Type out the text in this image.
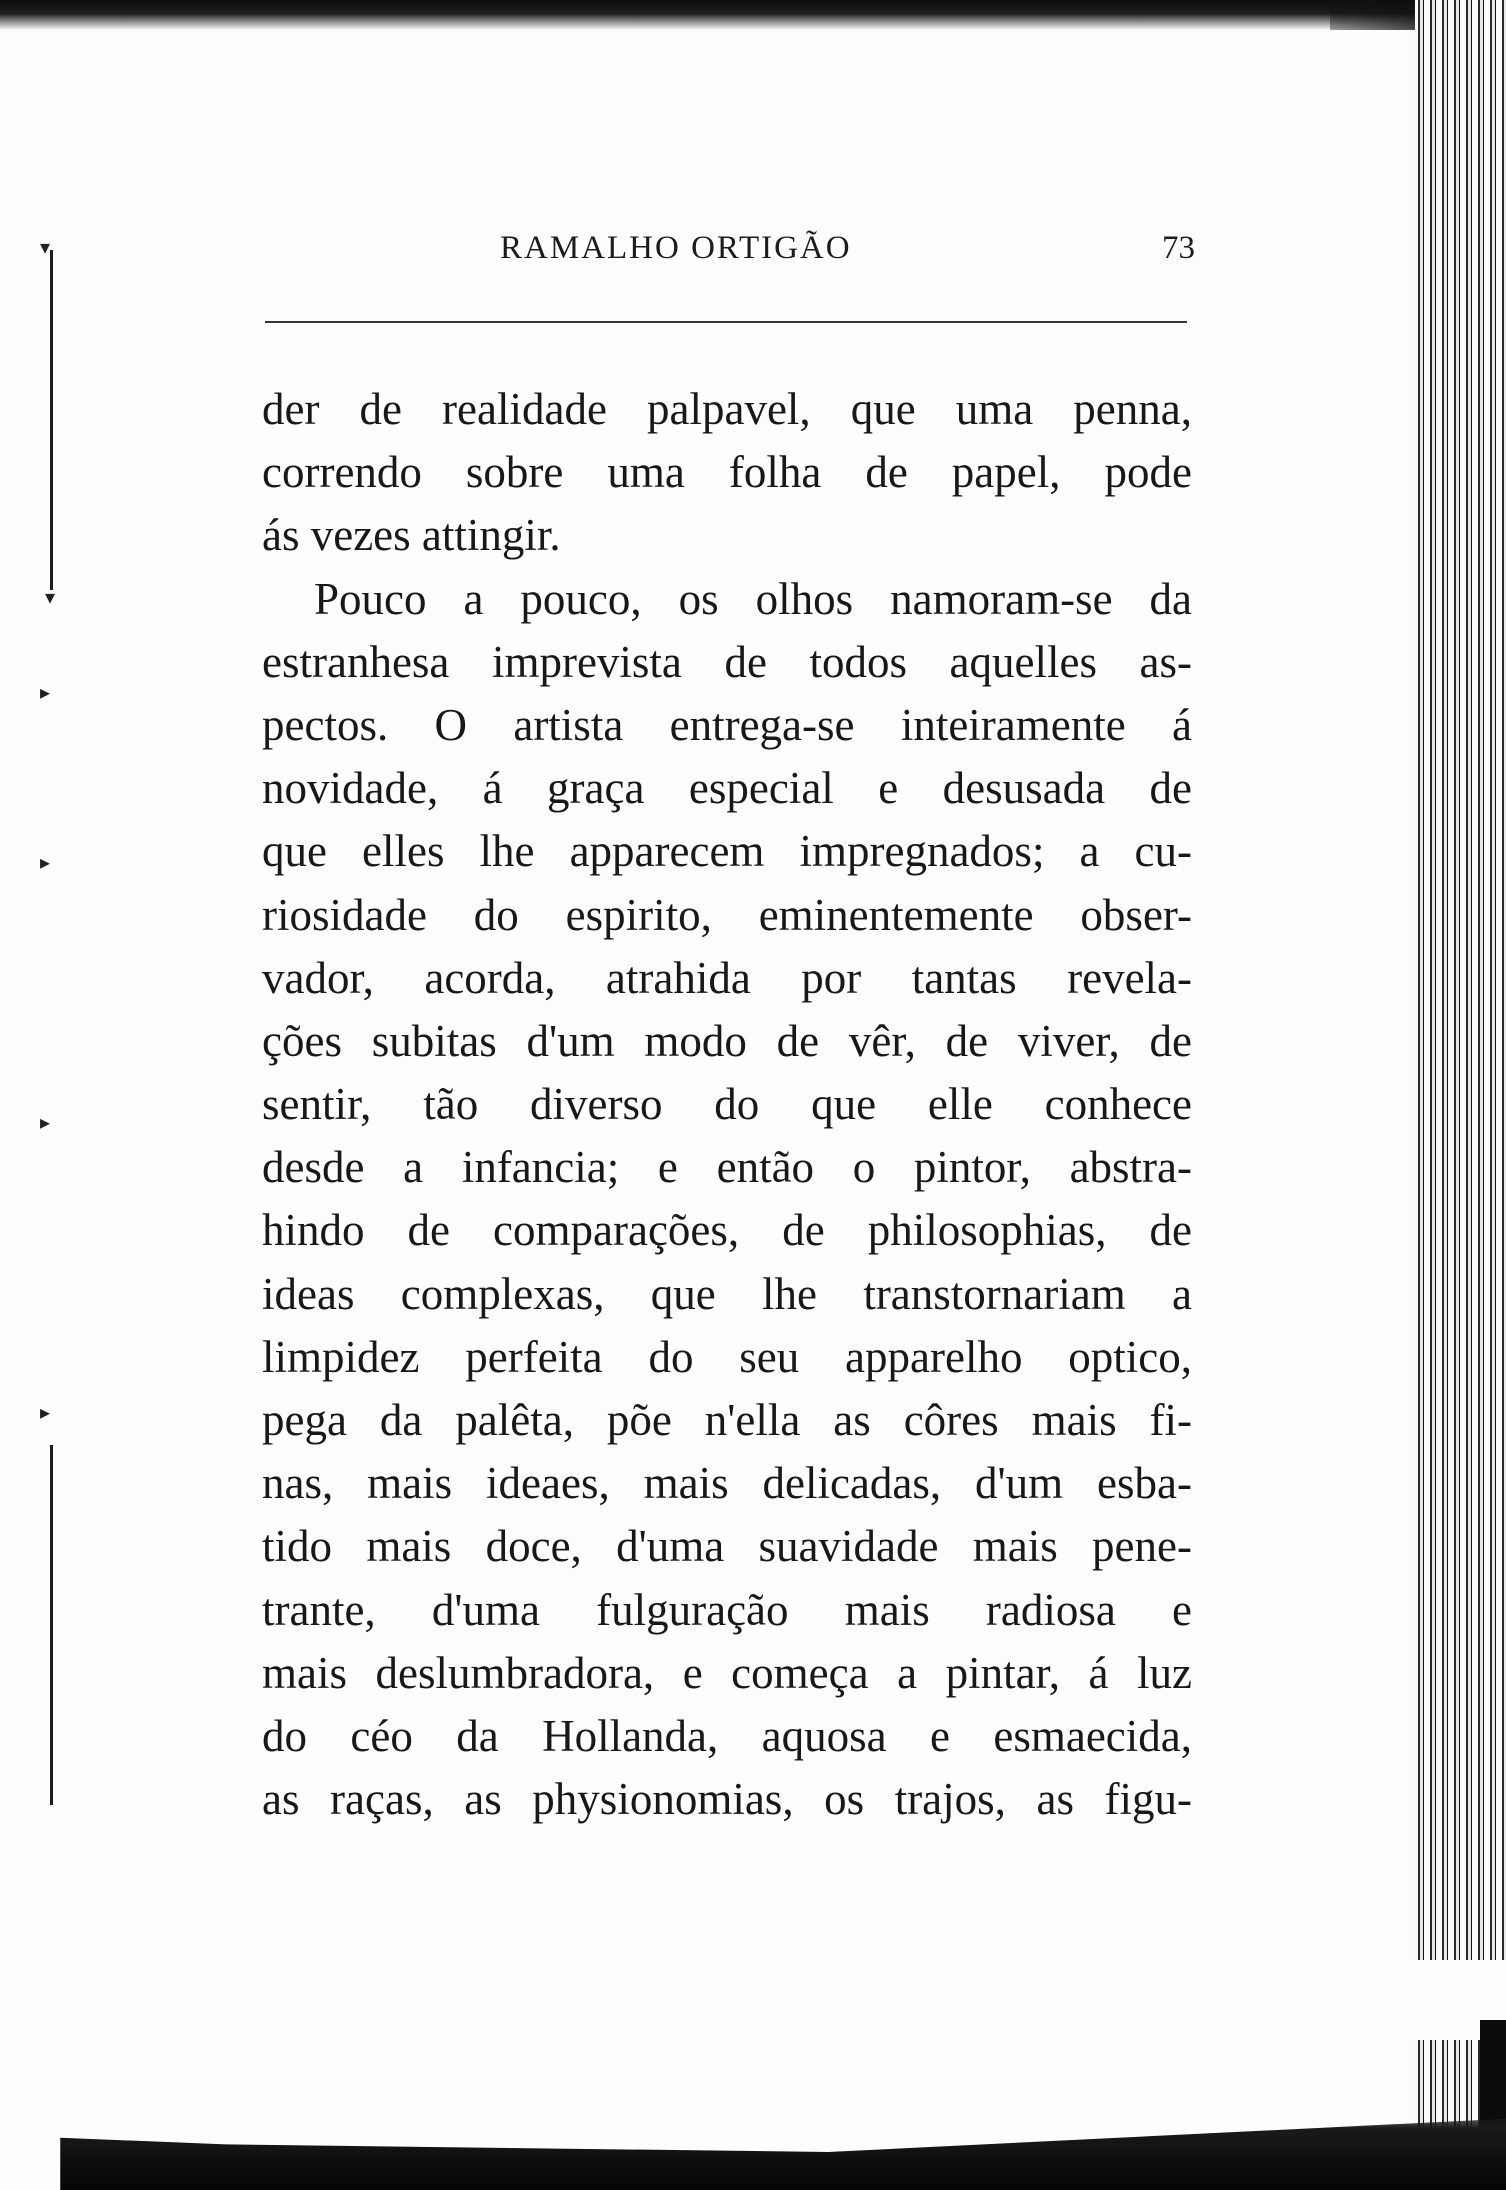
▾
▾
▸
▸
▸
▸
RAMALHO ORTIGÃO	73
der de realidade palpavel, que uma penna,
correndo sobre uma folha de papel, pode
ás vezes attingir.
Pouco a pouco, os olhos namoram-se da
estranhesa imprevista de todos aquelles as-
pectos. O artista entrega-se inteiramente á
novidade, á graça especial e desusada de
que elles lhe apparecem impregnados; a cu-
riosidade do espirito, eminentemente obser-
vador, acorda, atrahida por tantas revela-
ções subitas d'um modo de vêr, de viver, de
sentir, tão diverso do que elle conhece
desde a infancia; e então o pintor, abstra-
hindo de comparações, de philosophias, de
ideas complexas, que lhe transtornariam a
limpidez perfeita do seu apparelho optico,
pega da palêta, põe n'ella as côres mais fi-
nas, mais ideaes, mais delicadas, d'um esba-
tido mais doce, d'uma suavidade mais pene-
trante, d'uma fulguração mais radiosa e
mais deslumbradora, e começa a pintar, á luz
do céo da Hollanda, aquosa e esmaecida,
as raças, as physionomias, os trajos, as figu-
